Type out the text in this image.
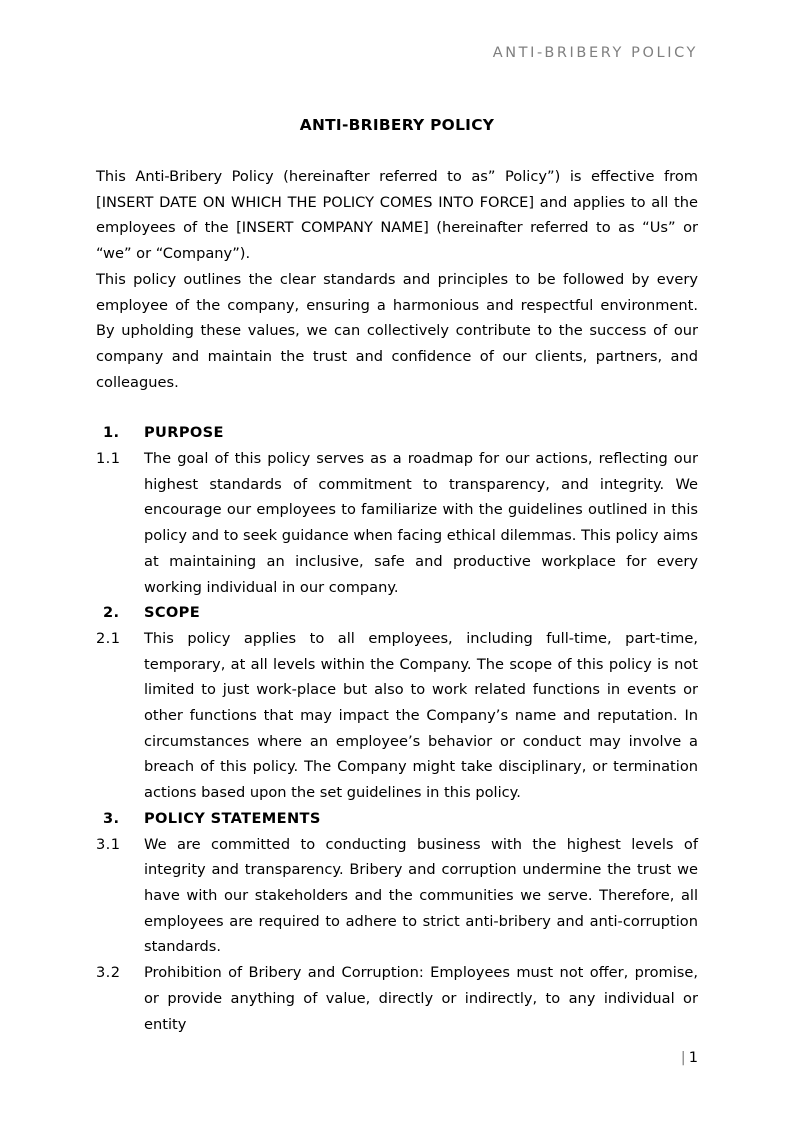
ANTI-BRIBERY POLICY
ANTI-BRIBERY POLICY

This Anti-Bribery Policy (hereinafter referred to as” Policy”) is effective from [INSERT DATE ON WHICH THE POLICY COMES INTO FORCE] and applies to all the employees of the [INSERT COMPANY NAME] (hereinafter referred to as “Us” or “we” or “Company”).

This policy outlines the clear standards and principles to be followed by every employee of the company, ensuring a harmonious and respectful environment. By upholding these values, we can collectively contribute to the success of our company and maintain the trust and confidence of our clients, partners, and colleagues.

1.	PURPOSE
1.1	The goal of this policy serves as a roadmap for our actions, reflecting our highest standards of commitment to transparency, and integrity. We encourage our employees to familiarize with the guidelines outlined in this policy and to seek guidance when facing ethical dilemmas. This policy aims at maintaining an inclusive, safe and productive workplace for every working individual in our company.
2.	SCOPE
2.1	This policy applies to all employees, including full-time, part-time, temporary, at all levels within the Company. The scope of this policy is not limited to just work-place but also to work related functions in events or other functions that may impact the Company’s name and reputation. In circumstances where an employee’s behavior or conduct may involve a breach of this policy. The Company might take disciplinary, or termination actions based upon the set guidelines in this policy.
3.	POLICY STATEMENTS
3.1	We are committed to conducting business with the highest levels of integrity and transparency. Bribery and corruption undermine the trust we have with our stakeholders and the communities we serve. Therefore, all employees are required to adhere to strict anti-bribery and anti-corruption standards.
3.2	Prohibition of Bribery and Corruption: Employees must not offer, promise, or provide anything of value, directly or indirectly, to any individual or entity
| 1
